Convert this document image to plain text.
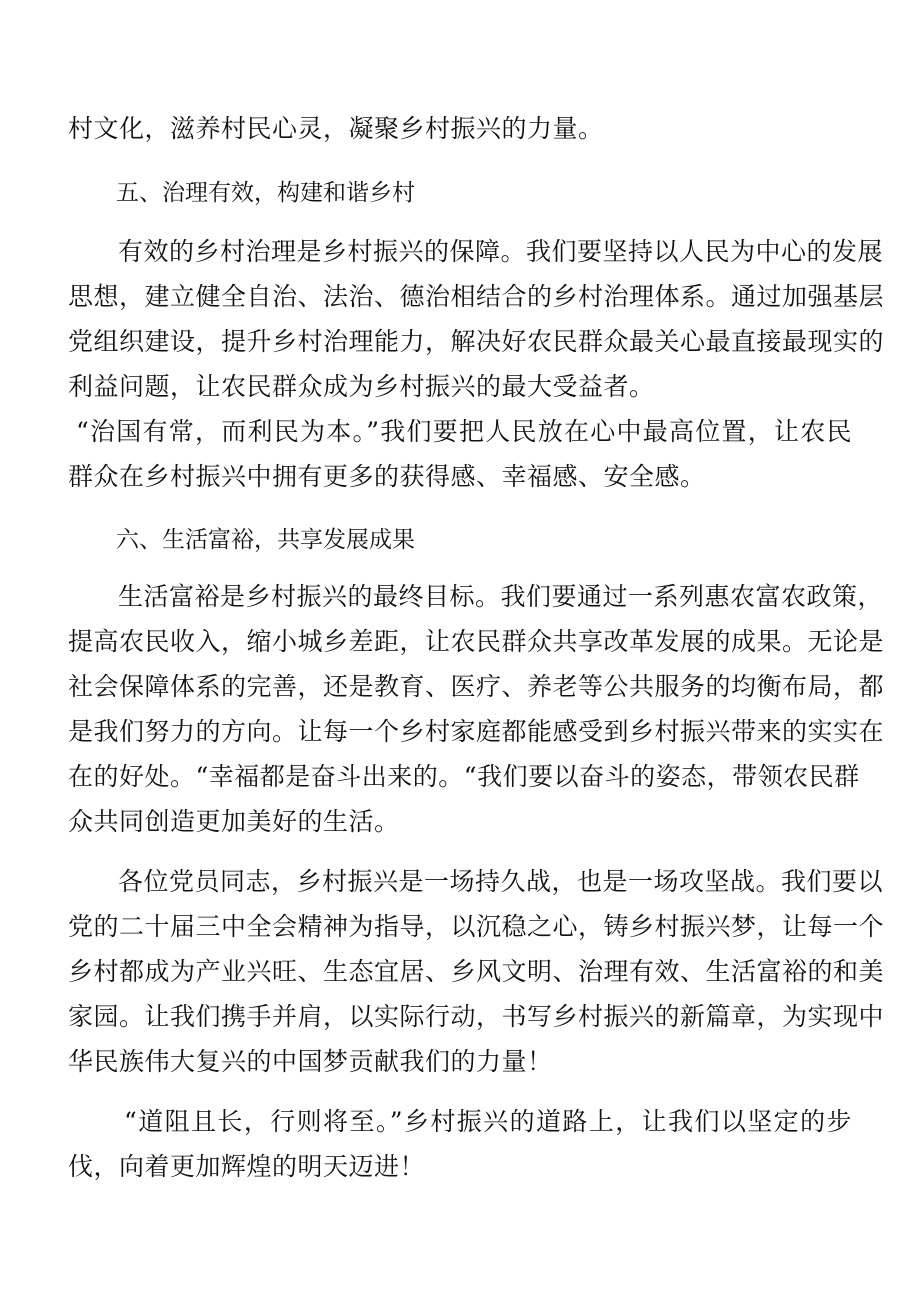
村文化，滋养村民心灵，凝聚乡村振兴的力量。
五、治理有效，构建和谐乡村
有效的乡村治理是乡村振兴的保障。我们要坚持以人民为中心的发展
思想，建立健全自治、法治、德治相结合的乡村治理体系。通过加强基层
党组织建设，提升乡村治理能力，解决好农民群众最关心最直接最现实的
利益问题，让农民群众成为乡村振兴的最大受益者。
“治国有常，而利民为本。”我们要把人民放在心中最高位置，让农民
群众在乡村振兴中拥有更多的获得感、幸福感、安全感。
六、生活富裕，共享发展成果
生活富裕是乡村振兴的最终目标。我们要通过一系列惠农富农政策，
提高农民收入，缩小城乡差距，让农民群众共享改革发展的成果。无论是
社会保障体系的完善，还是教育、医疗、养老等公共服务的均衡布局，都
是我们努力的方向。让每一个乡村家庭都能感受到乡村振兴带来的实实在
在的好处。“幸福都是奋斗出来的。“我们要以奋斗的姿态，带领农民群
众共同创造更加美好的生活。
各位党员同志，乡村振兴是一场持久战，也是一场攻坚战。我们要以
党的二十届三中全会精神为指导，以沉稳之心，铸乡村振兴梦，让每一个
乡村都成为产业兴旺、生态宜居、乡风文明、治理有效、生活富裕的和美
家园。让我们携手并肩，以实际行动，书写乡村振兴的新篇章，为实现中
华民族伟大复兴的中国梦贡献我们的力量！
“道阻且长，行则将至。”乡村振兴的道路上，让我们以坚定的步
伐，向着更加辉煌的明天迈进！
